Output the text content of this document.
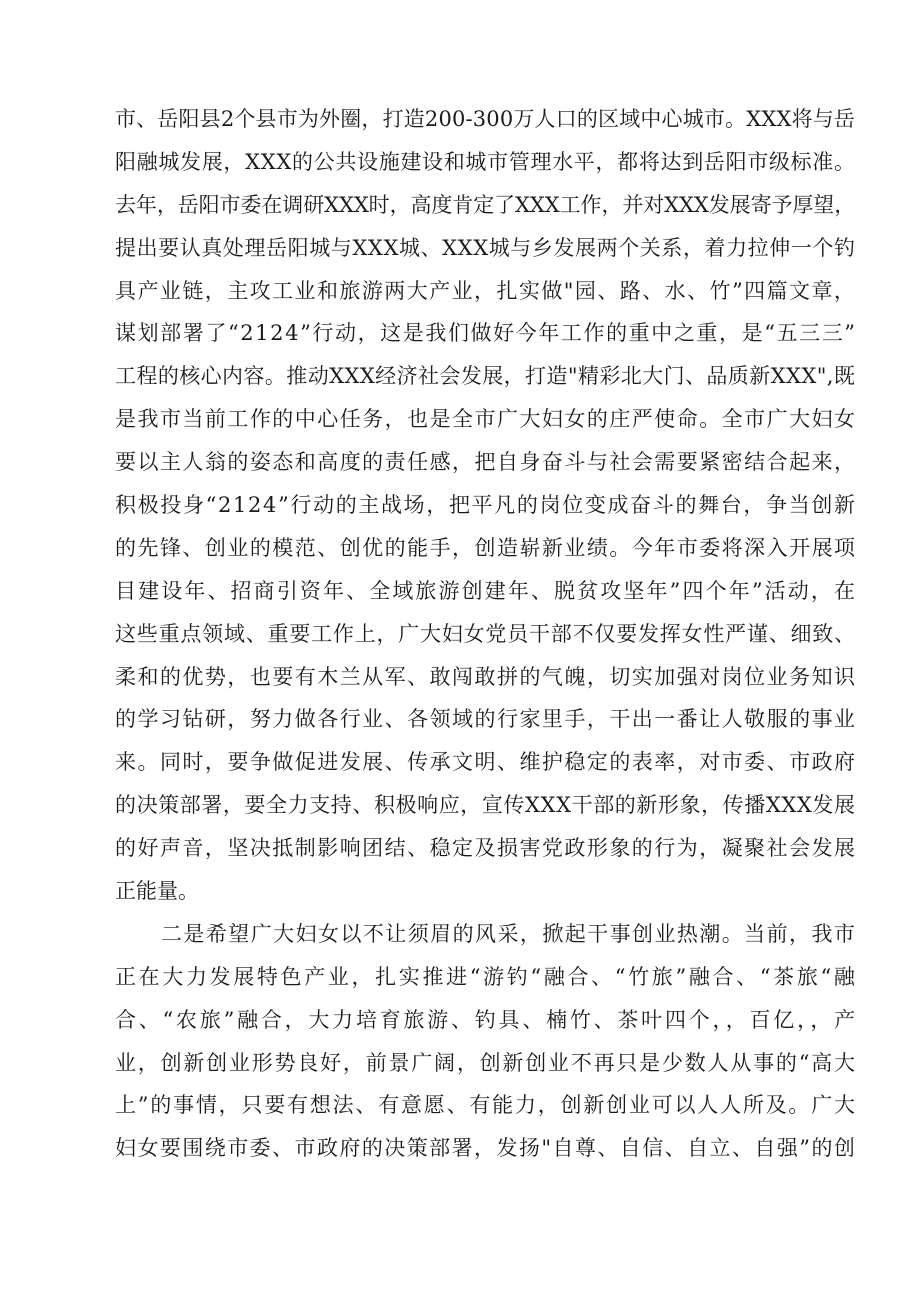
市、岳阳县2个县市为外圈，打造200-300万人口的区域中心城市。XXX将与岳
阳融城发展，XXX的公共设施建设和城市管理水平，都将达到岳阳市级标准。
去年，岳阳市委在调研XXX时，高度肯定了XXX工作，并对XXX发展寄予厚望，
提出要认真处理岳阳城与XXX城、XXX城与乡发展两个关系，着力拉伸一个钓
具产业链，主攻工业和旅游两大产业，扎实做"园、路、水、竹”四篇文章，
谋划部署了“2124”行动，这是我们做好今年工作的重中之重，是“五三三”
工程的核心内容。推动XXX经济社会发展，打造"精彩北大门、品质新XXX",既
是我市当前工作的中心任务，也是全市广大妇女的庄严使命。全市广大妇女
要以主人翁的姿态和高度的责任感，把自身奋斗与社会需要紧密结合起来，
积极投身“2124”行动的主战场，把平凡的岗位变成奋斗的舞台，争当创新
的先锋、创业的模范、创优的能手，创造崭新业绩。今年市委将深入开展项
目建设年、招商引资年、全域旅游创建年、脱贫攻坚年”四个年”活动，在
这些重点领域、重要工作上，广大妇女党员干部不仅要发挥女性严谨、细致、
柔和的优势，也要有木兰从军、敢闯敢拼的气魄，切实加强对岗位业务知识
的学习钻研，努力做各行业、各领域的行家里手，干出一番让人敬服的事业
来。同时，要争做促进发展、传承文明、维护稳定的表率，对市委、市政府
的决策部署，要全力支持、积极响应，宣传XXX干部的新形象，传播XXX发展
的好声音，坚决抵制影响团结、稳定及损害党政形象的行为，凝聚社会发展
正能量。
二是希望广大妇女以不让须眉的风采，掀起干事创业热潮。当前，我市
正在大力发展特色产业，扎实推进“游钓“融合、“竹旅”融合、“茶旅“融
合、“农旅”融合，大力培育旅游、钓具、楠竹、茶叶四个，，百亿，，产
业，创新创业形势良好，前景广阔，创新创业不再只是少数人从事的“高大
上”的事情，只要有想法、有意愿、有能力，创新创业可以人人所及。广大
妇女要围绕市委、市政府的决策部署，发扬"自尊、自信、自立、自强”的创
